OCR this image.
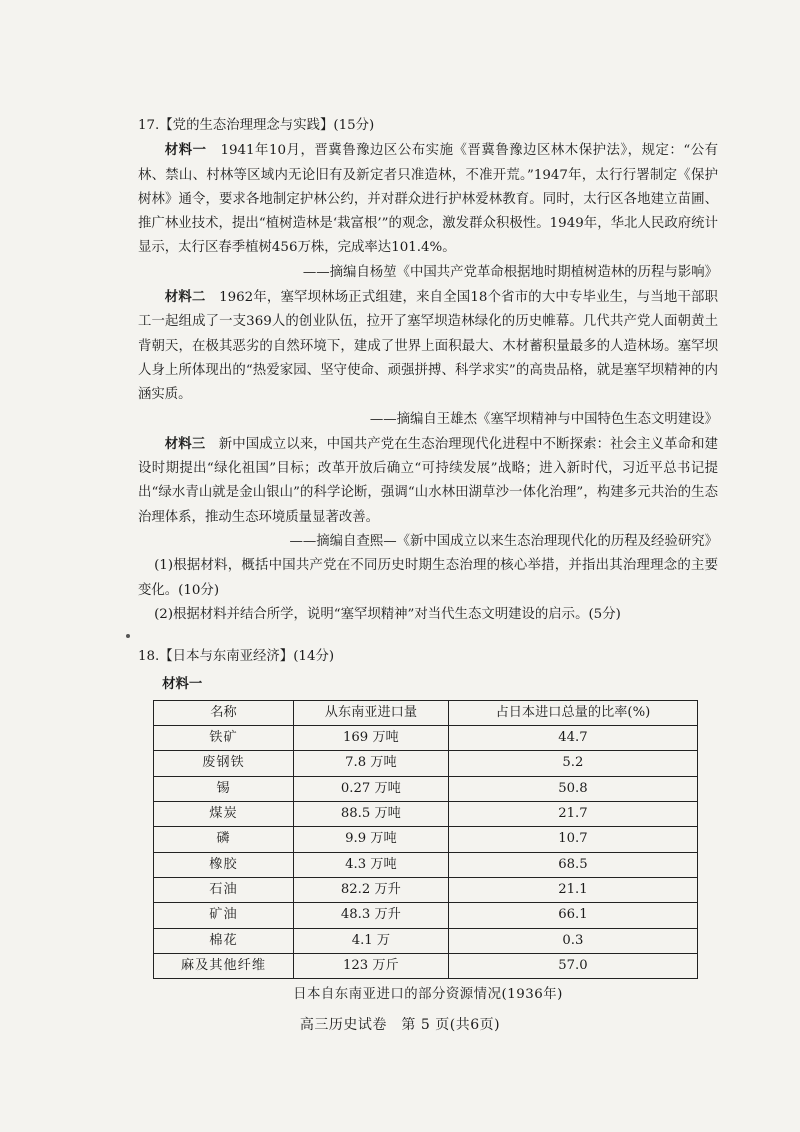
17.【党的生态治理理念与实践】(15分)

材料一　1941年10月，晋冀鲁豫边区公布实施《晋冀鲁豫边区林木保护法》，规定：“公有林、禁山、村林等区域内无论旧有及新定者只准造林，不准开荒。”1947年，太行行署制定《保护树林》通令，要求各地制定护林公约，并对群众进行护林爱林教育。同时，太行区各地建立苗圃、推广林业技术，提出“植树造林是‘栽富根’”的观念，激发群众积极性。1949年，华北人民政府统计显示，太行区春季植树456万株，完成率达101.4%。

——摘编自杨堃《中国共产党革命根据地时期植树造林的历程与影响》

材料二　1962年，塞罕坝林场正式组建，来自全国18个省市的大中专毕业生，与当地干部职工一起组成了一支369人的创业队伍，拉开了塞罕坝造林绿化的历史帷幕。几代共产党人面朝黄土背朝天，在极其恶劣的自然环境下，建成了世界上面积最大、木材蓄积量最多的人造林场。塞罕坝人身上所体现出的“热爱家园、坚守使命、顽强拼搏、科学求实”的高贵品格，就是塞罕坝精神的内涵实质。

——摘编自王雄杰《塞罕坝精神与中国特色生态文明建设》

材料三　新中国成立以来，中国共产党在生态治理现代化进程中不断探索：社会主义革命和建设时期提出“绿化祖国”目标；改革开放后确立“可持续发展”战略；进入新时代，习近平总书记提出“绿水青山就是金山银山”的科学论断，强调“山水林田湖草沙一体化治理”，构建多元共治的生态治理体系，推动生态环境质量显著改善。

——摘编自查熙—《新中国成立以来生态治理现代化的历程及经验研究》

(1)根据材料，概括中国共产党在不同历史时期生态治理的核心举措，并指出其治理理念的主要变化。(10分)

(2)根据材料并结合所学，说明“塞罕坝精神”对当代生态文明建设的启示。(5分)

18.【日本与东南亚经济】(14分)

材料一

名称	从东南亚进口量	占日本进口总量的比率(%)
铁矿	169 万吨	44.7
废钢铁	7.8 万吨	5.2
锡	0.27 万吨	50.8
煤炭	88.5 万吨	21.7
磷	9.9 万吨	10.7
橡胶	4.3 万吨	68.5
石油	82.2 万升	21.1
矿油	48.3 万升	66.1
棉花	4.1 万	0.3
麻及其他纤维	123 万斤	57.0

日本自东南亚进口的部分资源情况(1936年)

高三历史试卷　第 5 页(共6页)
